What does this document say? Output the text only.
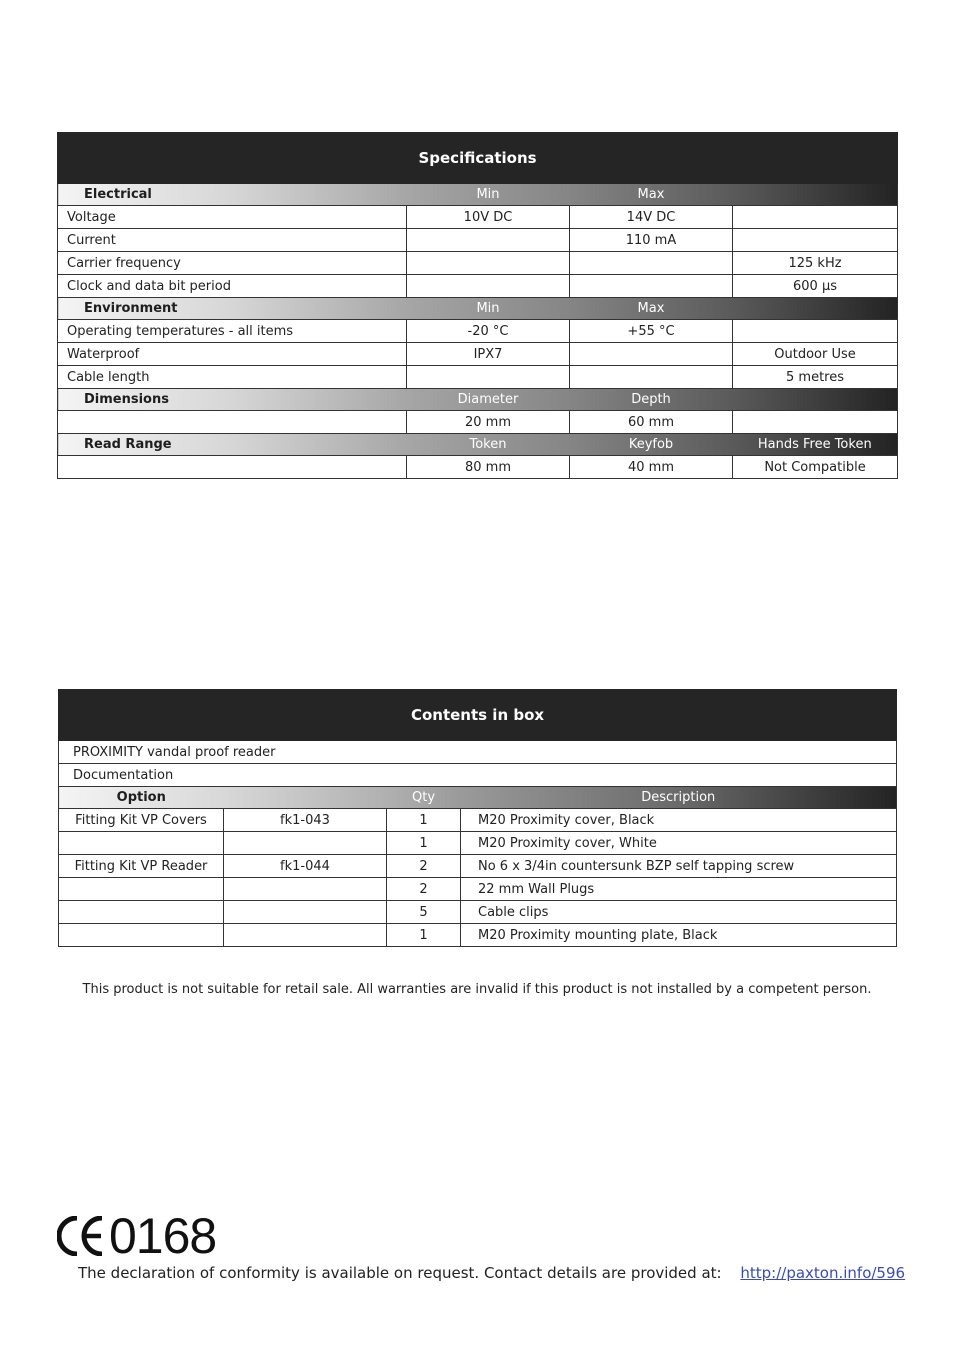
Specifications			
Electrical	Min	Max	
Voltage	10V DC	14V DC	
Current		110 mA	
Carrier frequency			125 kHz
Clock and data bit period			600 µs
Environment	Min	Max	
Operating temperatures - all items	-20 °C	+55 °C	
Waterproof	IPX7		Outdoor Use
Cable length			5 metres
Dimensions	Diameter	Depth	
	20 mm	60 mm	
Read Range	Token	Keyfob	Hands Free Token
	80 mm	40 mm	Not Compatible
Contents in box			
PROXIMITY vandal proof reader			
Documentation			
Option		Qty	Description
Fitting Kit VP Covers	fk1-043	1	M20 Proximity cover, Black
		1	M20 Proximity cover, White
Fitting Kit VP Reader	fk1-044	2	No 6 x 3/4in countersunk BZP self tapping screw
		2	22 mm Wall Plugs
		5	Cable clips
		1	M20 Proximity mounting plate, Black
This product is not suitable for retail sale. All warranties are invalid if this product is not installed by a competent person.
0168
The declaration of conformity is available on request. Contact details are provided at: http://paxton.info/596
